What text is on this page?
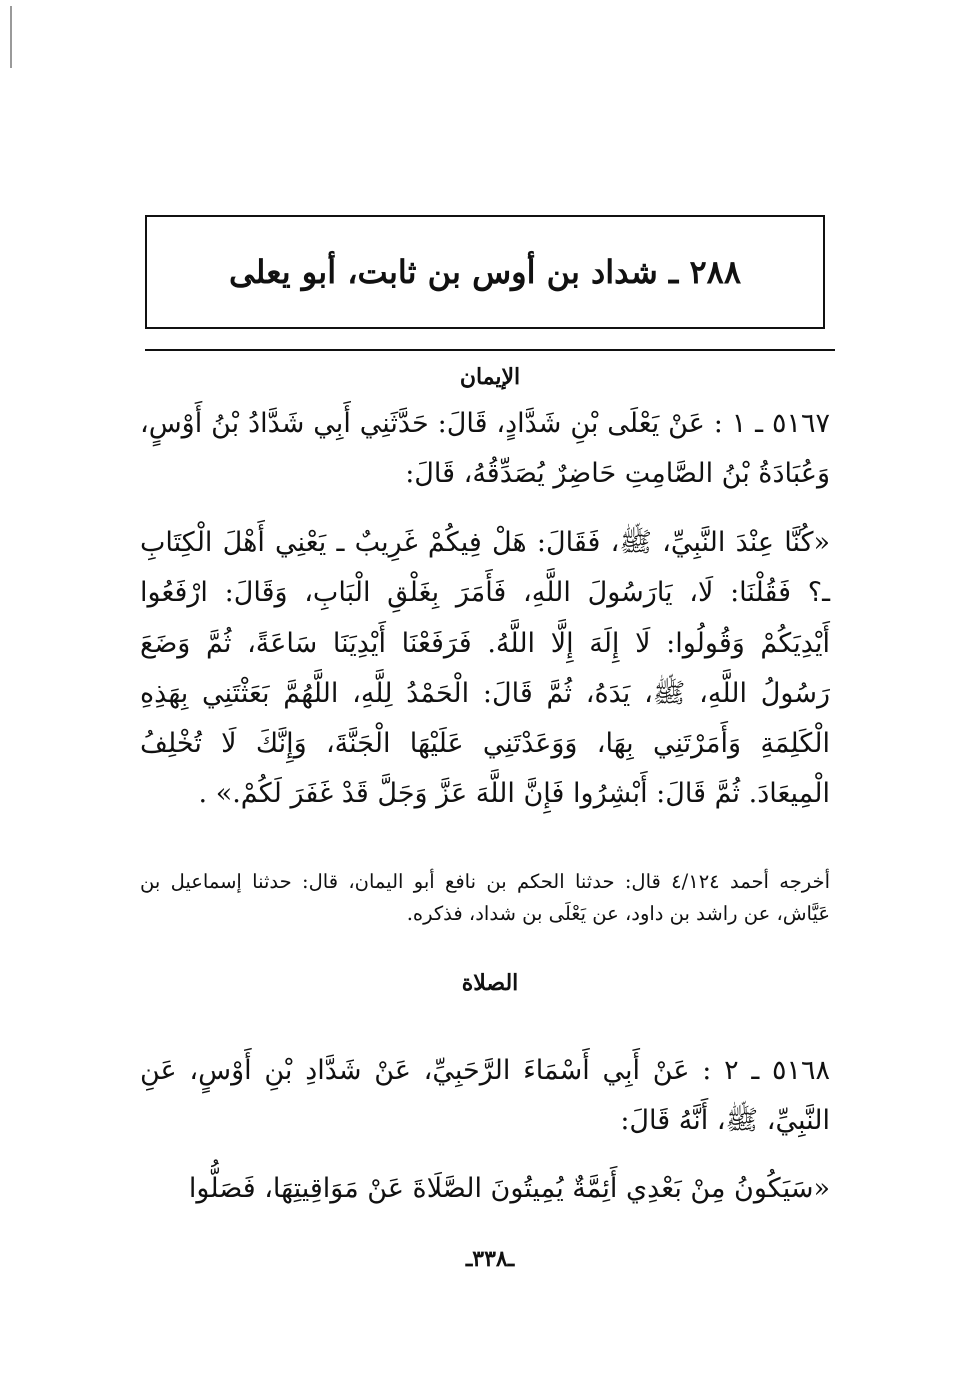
٢٨٨ ـ شداد بن أوس بن ثابت، أبو يعلى
الإيمان

٥١٦٧ ـ ١ : عَنْ يَعْلَى بْنِ شَدَّادٍ، قَالَ: حَدَّثَنِي أَبِي شَدَّادُ بْنُ أَوْسٍ، وَعُبَادَةُ بْنُ الصَّامِتِ حَاضِرٌ يُصَدِّقُهُ، قَالَ:

«كُنَّا عِنْدَ النَّبِيِّ، ﷺ، فَقَالَ: هَلْ فِيكُمْ غَرِيبٌ ـ يَعْنِي أَهْلَ الْكِتَابِ ـ؟ فَقُلْنَا: لَا، يَارَسُولَ اللَّهِ، فَأَمَرَ بِغَلْقِ الْبَابِ، وَقَالَ: ارْفَعُوا أَيْدِيَكُمْ وَقُولُوا: لَا إِلَهَ إِلَّا اللَّهُ. فَرَفَعْنَا أَيْدِيَنَا سَاعَةً، ثُمَّ وَضَعَ رَسُولُ اللَّهِ، ﷺ، يَدَهُ، ثُمَّ قَالَ: الْحَمْدُ لِلَّهِ، اللَّهُمَّ بَعَثْتَنِي بِهَذِهِ الْكَلِمَةِ وَأَمَرْتَنِي بِهَا، وَوَعَدْتَنِي عَلَيْهَا الْجَنَّةَ، وَإِنَّكَ لَا تُخْلِفُ الْمِيعَادَ. ثُمَّ قَالَ: أَبْشِرُوا فَإِنَّ اللَّهَ عَزَّ وَجَلَّ قَدْ غَفَرَ لَكُمْ.» .

أخرجه أحمد ٤/١٢٤ قال: حدثنا الحكم بن نافع أبو اليمان، قال: حدثنا إسماعيل بن عَيَّاش، عن راشد بن داود، عن يَعْلَى بن شداد، فذكره.

الصلاة

٥١٦٨ ـ ٢ : عَنْ أَبِي أَسْمَاءَ الرَّحَبِيِّ، عَنْ شَدَّادِ بْنِ أَوْسٍ، عَنِ النَّبِيِّ، ﷺ، أَنَّهُ قَالَ:

«سَيَكُونُ مِنْ بَعْدِي أَئِمَّةٌ يُمِيتُونَ الصَّلَاةَ عَنْ مَوَاقِيتِهَا، فَصَلُّوا

ـ٣٣٨ـ
